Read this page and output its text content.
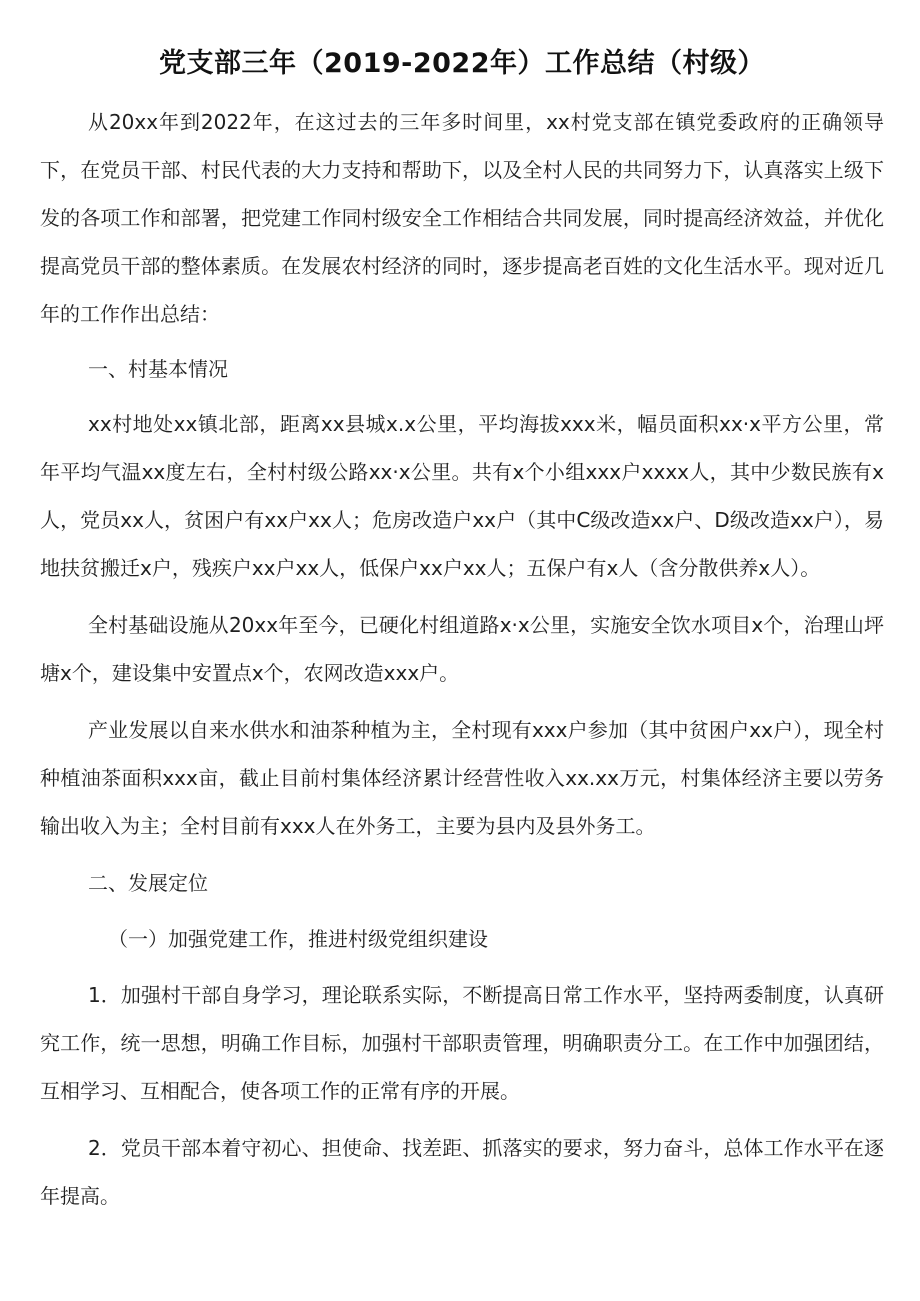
党支部三年（2019-2022年）工作总结（村级）

从20xx年到2022年，在这过去的三年多时间里，xx村党支部在镇党委政府的正确领导下，在党员干部、村民代表的大力支持和帮助下，以及全村人民的共同努力下，认真落实上级下发的各项工作和部署，把党建工作同村级安全工作相结合共同发展，同时提高经济效益，并优化提高党员干部的整体素质。在发展农村经济的同时，逐步提高老百姓的文化生活水平。现对近几年的工作作出总结：

一、村基本情况

xx村地处xx镇北部，距离xx县城x.x公里，平均海拔xxx米，幅员面积xx·x平方公里，常年平均气温xx度左右，全村村级公路xx·x公里。共有x个小组xxx户xxxx人，其中少数民族有x人，党员xx人，贫困户有xx户xx人；危房改造户xx户（其中C级改造xx户、D级改造xx户），易地扶贫搬迁x户，残疾户xx户xx人，低保户xx户xx人；五保户有x人（含分散供养x人）。

全村基础设施从20xx年至今，已硬化村组道路x·x公里，实施安全饮水项目x个，治理山坪塘x个，建设集中安置点x个，农网改造xxx户。

产业发展以自来水供水和油茶种植为主，全村现有xxx户参加（其中贫困户xx户），现全村种植油茶面积xxx亩，截止目前村集体经济累计经营性收入xx.xx万元，村集体经济主要以劳务输出收入为主；全村目前有xxx人在外务工，主要为县内及县外务工。

二、发展定位

（一）加强党建工作，推进村级党组织建设

1．加强村干部自身学习，理论联系实际，不断提高日常工作水平，坚持两委制度，认真研究工作，统一思想，明确工作目标，加强村干部职责管理，明确职责分工。在工作中加强团结，互相学习、互相配合，使各项工作的正常有序的开展。

2．党员干部本着守初心、担使命、找差距、抓落实的要求，努力奋斗，总体工作水平在逐年提高。
